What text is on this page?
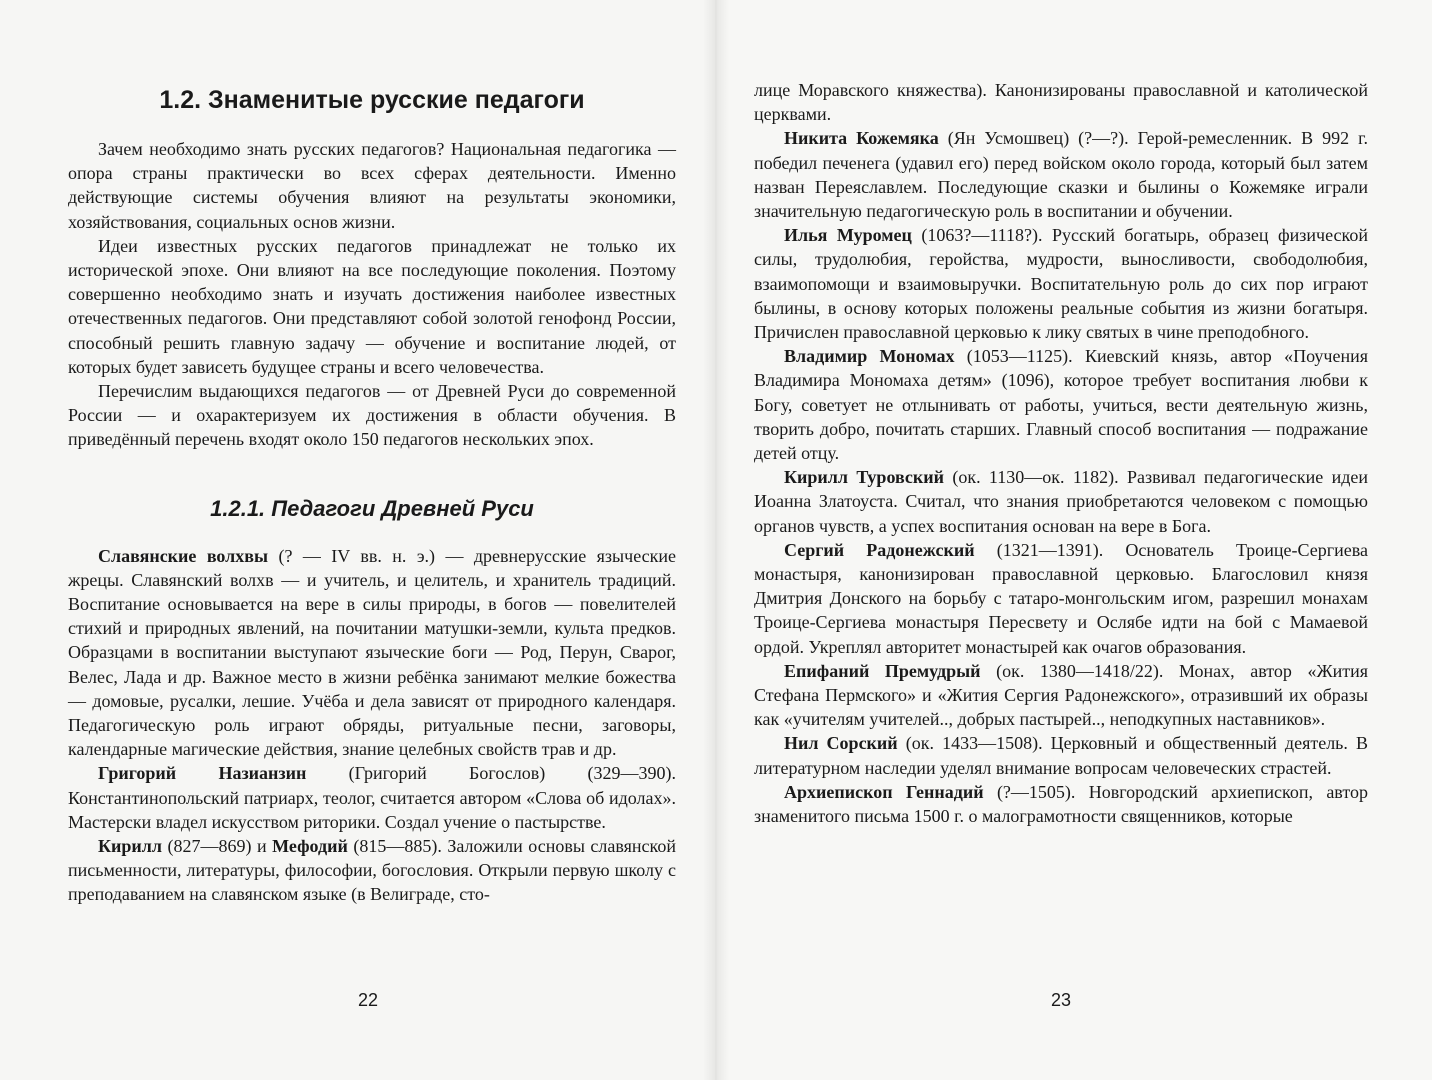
1.2. Знаменитые русские педагоги

Зачем необходимо знать русских педагогов? Национальная педагогика — опора страны практически во всех сферах деятельности. Именно действующие системы обучения влияют на результаты экономики, хозяйствования, социальных основ жизни.

Идеи известных русских педагогов принадлежат не только их исторической эпохе. Они влияют на все последующие поколения. Поэтому совершенно необходимо знать и изучать достижения наиболее известных отечественных педагогов. Они представляют собой золотой генофонд России, способный решить главную задачу — обучение и воспитание людей, от которых будет зависеть будущее страны и всего человечества.

Перечислим выдающихся педагогов — от Древней Руси до современной России — и охарактеризуем их достижения в области обучения. В приведённый перечень входят около 150 педагогов нескольких эпох.

1.2.1. Педагоги Древней Руси

Славянские волхвы (? — IV вв. н. э.) — древнерусские языческие жрецы. Славянский волхв — и учитель, и целитель, и хранитель традиций. Воспитание основывается на вере в силы природы, в богов — повелителей стихий и природных явлений, на почитании матушки-земли, культа предков. Образцами в воспитании выступают языческие боги — Род, Перун, Сварог, Велес, Лада и др. Важное место в жизни ребёнка занимают мелкие божества — домовые, русалки, лешие. Учёба и дела зависят от природного календаря. Педагогическую роль играют обряды, ритуальные песни, заговоры, календарные магические действия, знание целебных свойств трав и др.

Григорий Назианзин (Григорий Богослов) (329—390). Константинопольский патриарх, теолог, считается автором «Слова об идолах». Мастерски владел искусством риторики. Создал учение о пастырстве.

Кирилл (827—869) и Мефодий (815—885). Заложили основы славянской письменности, литературы, философии, богословия. Открыли первую школу с преподаванием на славянском языке (в Велиграде, сто-

22

лице Моравского княжества). Канонизированы православной и католической церквами.

Никита Кожемяка (Ян Усмошвец) (?—?). Герой-ремесленник. В 992 г. победил печенега (удавил его) перед войском около города, который был затем назван Переяславлем. Последующие сказки и былины о Кожемяке играли значительную педагогическую роль в воспитании и обучении.

Илья Муромец (1063?—1118?). Русский богатырь, образец физической силы, трудолюбия, геройства, мудрости, выносливости, свободолюбия, взаимопомощи и взаимовыручки. Воспитательную роль до сих пор играют былины, в основу которых положены реальные события из жизни богатыря. Причислен православной церковью к лику святых в чине преподобного.

Владимир Мономах (1053—1125). Киевский князь, автор «Поучения Владимира Мономаха детям» (1096), которое требует воспитания любви к Богу, советует не отлынивать от работы, учиться, вести деятельную жизнь, творить добро, почитать старших. Главный способ воспитания — подражание детей отцу.

Кирилл Туровский (ок. 1130—ок. 1182). Развивал педагогические идеи Иоанна Златоуста. Считал, что знания приобретаются человеком с помощью органов чувств, а успех воспитания основан на вере в Бога.

Сергий Радонежский (1321—1391). Основатель Троице-Сергиева монастыря, канонизирован православной церковью. Благословил князя Дмитрия Донского на борьбу с татаро-монгольским игом, разрешил монахам Троице-Сергиева монастыря Пересвету и Ослябе идти на бой с Мамаевой ордой. Укреплял авторитет монастырей как очагов образования.

Епифаний Премудрый (ок. 1380—1418/22). Монах, автор «Жития Стефана Пермского» и «Жития Сергия Радонежского», отразивший их образы как «учителям учителей.., добрых пастырей.., неподкупных наставников».

Нил Сорский (ок. 1433—1508). Церковный и общественный деятель. В литературном наследии уделял внимание вопросам человеческих страстей.

Архиепископ Геннадий (?—1505). Новгородский архиепископ, автор знаменитого письма 1500 г. о малограмотности священников, которые

23
